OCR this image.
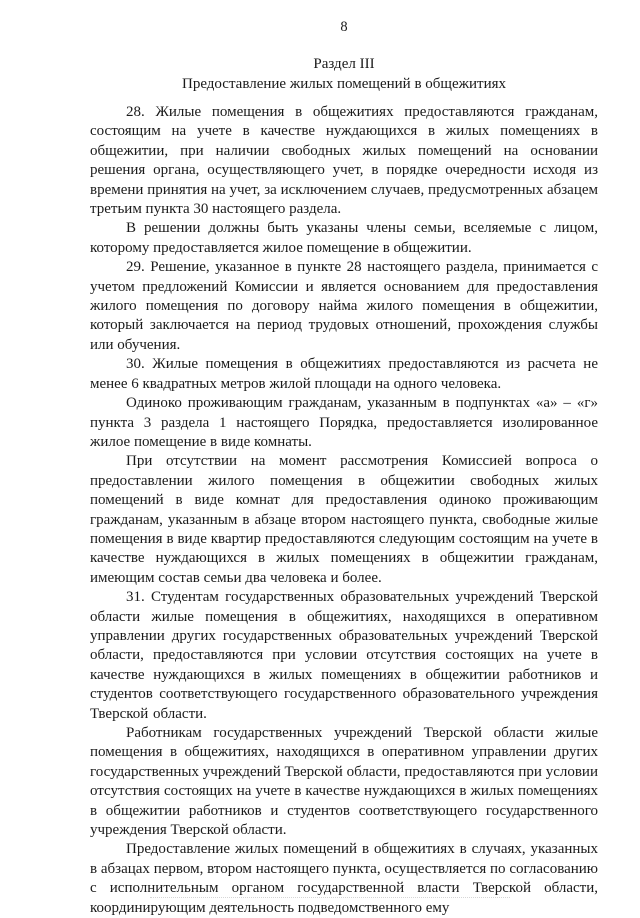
8
Раздел III
Предоставление жилых помещений в общежитиях

28. Жилые помещения в общежитиях предоставляются гражданам, состоящим на учете в качестве нуждающихся в жилых помещениях в общежитии, при наличии свободных жилых помещений на основании решения органа, осуществляющего учет, в порядке очередности исходя из времени принятия на учет, за исключением случаев, предусмотренных абзацем третьим пункта 30 настоящего раздела.

В решении должны быть указаны члены семьи, вселяемые с лицом, которому предоставляется жилое помещение в общежитии.

29. Решение, указанное в пункте 28 настоящего раздела, принимается с учетом предложений Комиссии и является основанием для предоставления жилого помещения по договору найма жилого помещения в общежитии, который заключается на период трудовых отношений, прохождения службы или обучения.

30. Жилые помещения в общежитиях предоставляются из расчета не менее 6 квадратных метров жилой площади на одного человека.

Одиноко проживающим гражданам, указанным в подпунктах «а» – «г» пункта 3 раздела 1 настоящего Порядка, предоставляется изолированное жилое помещение в виде комнаты.

При отсутствии на момент рассмотрения Комиссией вопроса о предоставлении жилого помещения в общежитии свободных жилых помещений в виде комнат для предоставления одиноко проживающим гражданам, указанным в абзаце втором настоящего пункта, свободные жилые помещения в виде квартир предоставляются следующим состоящим на учете в качестве нуждающихся в жилых помещениях в общежитии гражданам, имеющим состав семьи два человека и более.

31. Студентам государственных образовательных учреждений Тверской области жилые помещения в общежитиях, находящихся в оперативном управлении других государственных образовательных учреждений Тверской области, предоставляются при условии отсутствия состоящих на учете в качестве нуждающихся в жилых помещениях в общежитии работников и студентов соответствующего государственного образовательного учреждения Тверской области.

Работникам государственных учреждений Тверской области жилые помещения в общежитиях, находящихся в оперативном управлении других государственных учреждений Тверской области, предоставляются при условии отсутствия состоящих на учете в качестве нуждающихся в жилых помещениях в общежитии работников и студентов соответствующего государственного учреждения Тверской области.

Предоставление жилых помещений в общежитиях в случаях, указанных в абзацах первом, втором настоящего пункта, осуществляется по согласованию с исполнительным органом государственной власти Тверской области, координирующим деятельность подведомственного ему
